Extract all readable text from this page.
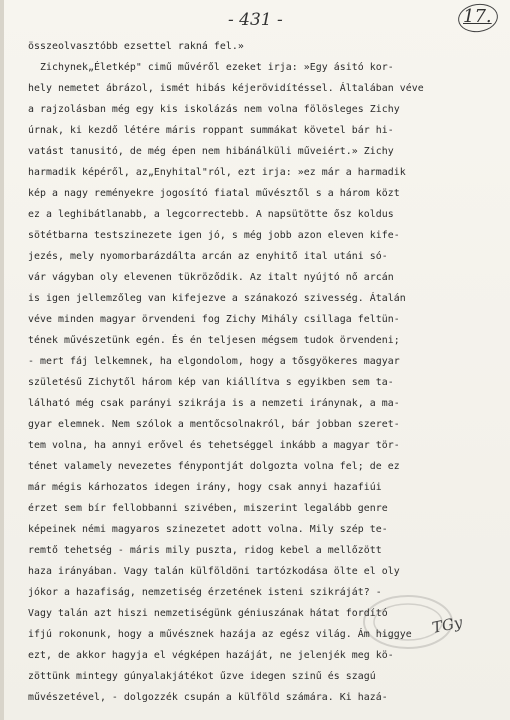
- 431 -	17.
összeolvasztóbb ezsettel rakná fel.»
Zichynek„Életkép" cimű művéről ezeket irja: »Egy ásitó kor-
hely nemetet ábrázol, ismét hibás kéjerövidítéssel. Általában véve
a rajzolásban még egy kis iskolázás nem volna fölösleges Zichy
úrnak, ki kezdő létére máris roppant summákat követel bár hi-
vatást tanusitó, de még épen nem hibánálküli műveiért.» Zichy
harmadik képéről, az„Enyhital"ról, ezt irja: »ez már a harmadik
kép a nagy reményekre jogosító fiatal művésztől s a három közt
ez a leghibátlanabb, a legcorrectebb. A napsütötte ősz koldus
sötétbarna testszinezete igen jó, s még jobb azon eleven kife-
jezés, mely nyomorbarázdálta arcán az enyhitő ital utáni só-
vár vágyban oly elevenen tükröződik. Az italt nyújtó nő arcán
is igen jellemzőleg van kifejezve a szánakozó szivesség. Átalán
véve minden magyar örvendeni fog Zichy Mihály csillaga feltün-
tének művészetünk egén. És én teljesen mégsem tudok örvendeni;
- mert fáj lelkemnek, ha elgondolom, hogy a tősgyökeres magyar
születésű Zichytől három kép van kiállítva s egyikben sem ta-
lálható még csak parányi szikrája is a nemzeti iránynak, a ma-
gyar elemnek. Nem szólok a mentőcsolnakról, bár jobban szeret-
tem volna, ha annyi erővel és tehetséggel inkább a magyar tör-
ténet valamely nevezetes fénypontját dolgozta volna fel; de ez
már mégis kárhozatos idegen irány, hogy csak annyi hazafiúi
érzet sem bír fellobbanni szivében, miszerint legalább genre
képeinek némi magyaros szinezetet adott volna. Mily szép te-
remtő tehetség - máris mily puszta, ridog kebel a mellőzött
haza irányában. Vagy talán külföldöni tartózkodása ölte el oly
jókor a hazafiság, nemzetiség érzetének isteni szikráját? -
Vagy talán azt hiszi nemzetiségünk géniuszának hátat fordító
ifjú rokonunk, hogy a művésznek hazája az egész világ. Ám higgye
ezt, de akkor hagyja el végképen hazáját, ne jelenjék meg kö-
zöttünk mintegy gúnyalakjátékot űzve idegen szinű és szagú
művészetével, - dolgozzék csupán a külföld számára. Ki hazá-
TGy
